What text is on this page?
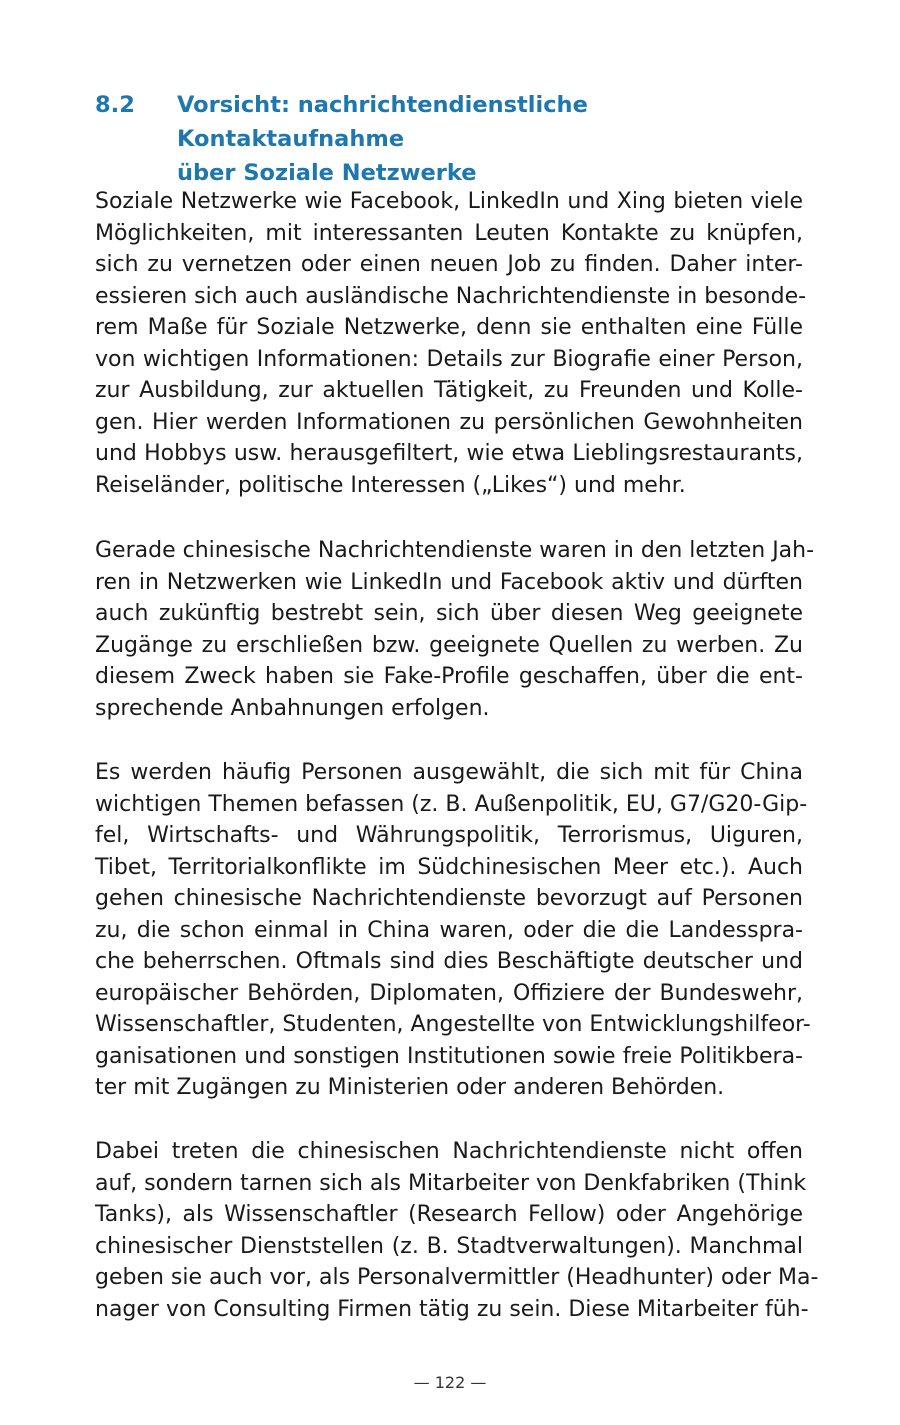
8.2 Vorsicht: nachrichtendienstliche Kontaktaufnahme
über Soziale Netzwerke
Soziale Netzwerke wie Facebook, LinkedIn und Xing bieten viele
Möglichkeiten, mit interessanten Leuten Kontakte zu knüpfen,
sich zu vernetzen oder einen neuen Job zu finden. Daher inter-
essieren sich auch ausländische Nachrichtendienste in besonde-
rem Maße für Soziale Netzwerke, denn sie enthalten eine Fülle
von wichtigen Informationen: Details zur Biografie einer Person,
zur Ausbildung, zur aktuellen Tätigkeit, zu Freunden und Kolle-
gen. Hier werden Informationen zu persönlichen Gewohnheiten
und Hobbys usw. herausgefiltert, wie etwa Lieblingsrestaurants,
Reiseländer, politische Interessen („Likes“) und mehr.
Gerade chinesische Nachrichtendienste waren in den letzten Jah-
ren in Netzwerken wie LinkedIn und Facebook aktiv und dürften
auch zukünftig bestrebt sein, sich über diesen Weg geeignete
Zugänge zu erschließen bzw. geeignete Quellen zu werben. Zu
diesem Zweck haben sie Fake-Profile geschaffen, über die ent-
sprechende Anbahnungen erfolgen.
Es werden häufig Personen ausgewählt, die sich mit für China
wichtigen Themen befassen (z. B. Außenpolitik, EU, G7/G20-Gip-
fel, Wirtschafts- und Währungspolitik, Terrorismus, Uiguren,
Tibet, Territorialkonflikte im Südchinesischen Meer etc.). Auch
gehen chinesische Nachrichtendienste bevorzugt auf Personen
zu, die schon einmal in China waren, oder die die Landesspra-
che beherrschen. Oftmals sind dies Beschäftigte deutscher und
europäischer Behörden, Diplomaten, Offiziere der Bundeswehr,
Wissenschaftler, Studenten, Angestellte von Entwicklungshilfeor-
ganisationen und sonstigen Institutionen sowie freie Politikbera-
ter mit Zugängen zu Ministerien oder anderen Behörden.
Dabei treten die chinesischen Nachrichtendienste nicht offen
auf, sondern tarnen sich als Mitarbeiter von Denkfabriken (Think
Tanks), als Wissenschaftler (Research Fellow) oder Angehörige
chinesischer Dienststellen (z. B. Stadtverwaltungen). Manchmal
geben sie auch vor, als Personalvermittler (Headhunter) oder Ma-
nager von Consulting Firmen tätig zu sein. Diese Mitarbeiter füh-
— 122 —
